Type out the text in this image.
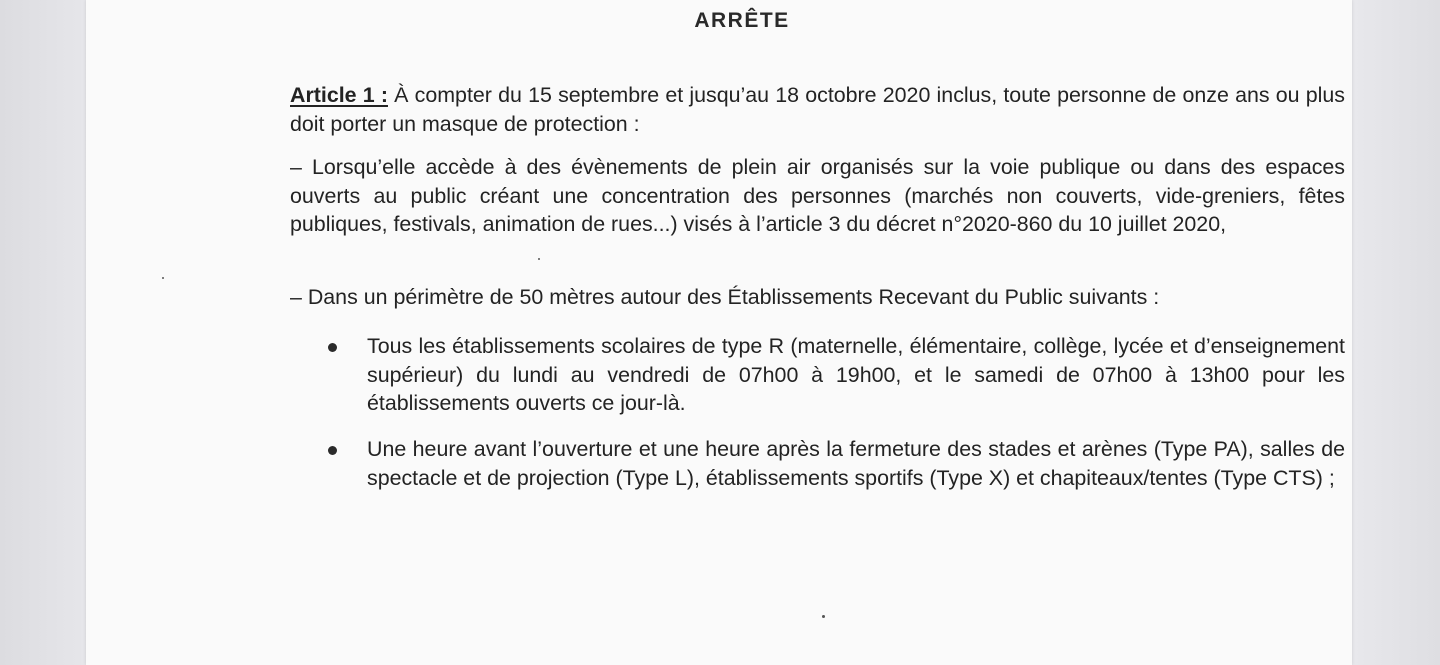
ARRÊTE

Article 1 : À compter du 15 septembre et jusqu’au 18 octobre 2020 inclus, toute personne de onze ans ou plus doit porter un masque de protection :

– Lorsqu’elle accède à des évènements de plein air organisés sur la voie publique ou dans des espaces ouverts au public créant une concentration des personnes (marchés non couverts, vide-greniers, fêtes publiques, festivals, animation de rues...) visés à l’article 3 du décret n°2020-860 du 10 juillet 2020,

– Dans un périmètre de 50 mètres autour des Établissements Recevant du Public suivants :

Tous les établissements scolaires de type R (maternelle, élémentaire, collège, lycée et d’enseignement supérieur) du lundi au vendredi de 07h00 à 19h00, et le samedi de 07h00 à 13h00 pour les établissements ouverts ce jour-là.

Une heure avant l’ouverture et une heure après la fermeture des stades et arènes (Type PA), salles de spectacle et de projection (Type L), établissements sportifs (Type X) et chapiteaux/tentes (Type CTS) ;
